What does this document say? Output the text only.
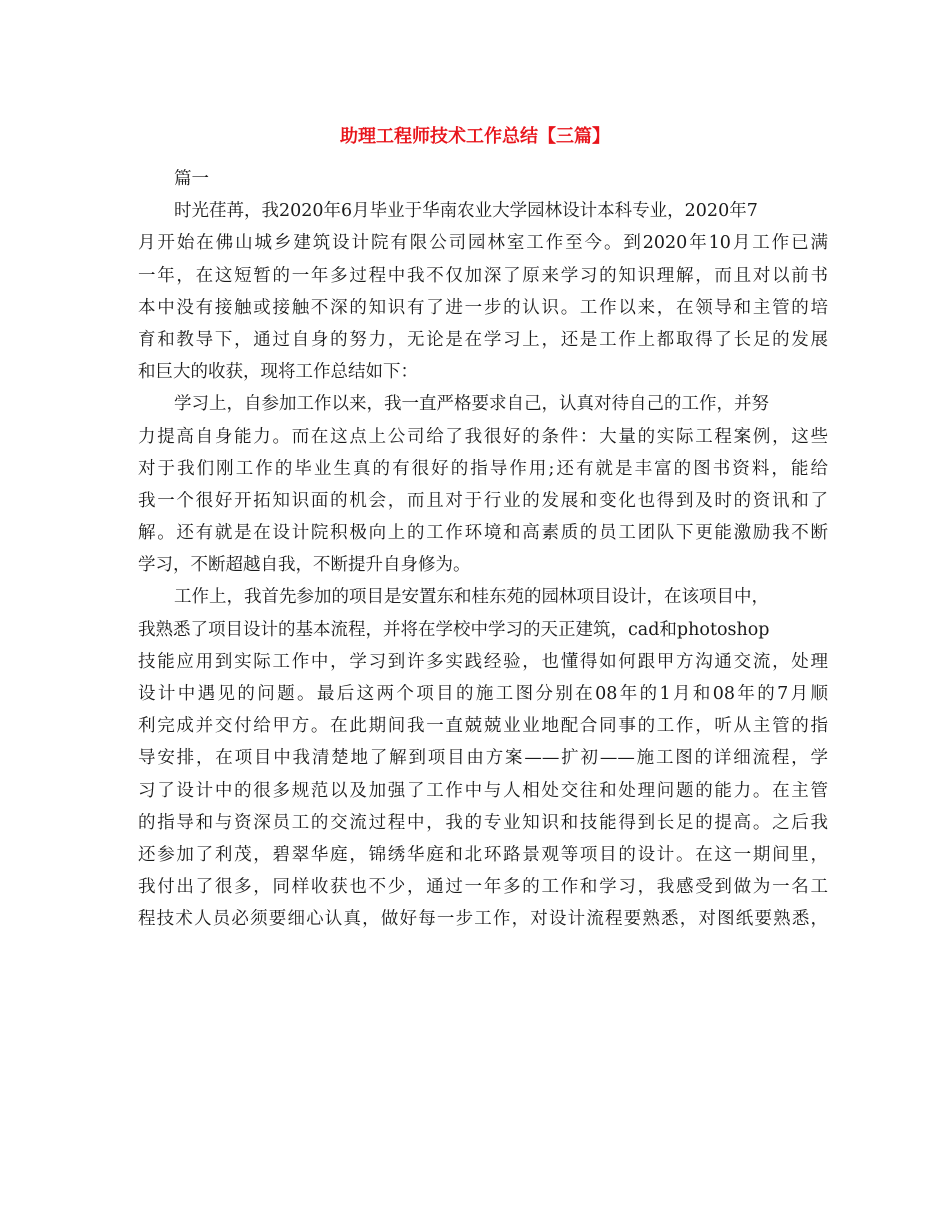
助理工程师技术工作总结【三篇】
篇一
时光荏苒，我2020年6月毕业于华南农业大学园林设计本科专业，2020年7
月开始在佛山城乡建筑设计院有限公司园林室工作至今。到2020年10月工作已满
一年，在这短暂的一年多过程中我不仅加深了原来学习的知识理解，而且对以前书
本中没有接触或接触不深的知识有了进一步的认识。工作以来，在领导和主管的培
育和教导下，通过自身的努力，无论是在学习上，还是工作上都取得了长足的发展
和巨大的收获，现将工作总结如下：
学习上，自参加工作以来，我一直严格要求自己，认真对待自己的工作，并努
力提高自身能力。而在这点上公司给了我很好的条件：大量的实际工程案例，这些
对于我们刚工作的毕业生真的有很好的指导作用;还有就是丰富的图书资料，能给
我一个很好开拓知识面的机会，而且对于行业的发展和变化也得到及时的资讯和了
解。还有就是在设计院积极向上的工作环境和高素质的员工团队下更能激励我不断
学习，不断超越自我，不断提升自身修为。
工作上，我首先参加的项目是安置东和桂东苑的园林项目设计，在该项目中，
我熟悉了项目设计的基本流程，并将在学校中学习的天正建筑，cad和photoshop
技能应用到实际工作中，学习到许多实践经验，也懂得如何跟甲方沟通交流，处理
设计中遇见的问题。最后这两个项目的施工图分别在08年的1月和08年的7月顺
利完成并交付给甲方。在此期间我一直兢兢业业地配合同事的工作，听从主管的指
导安排，在项目中我清楚地了解到项目由方案——扩初——施工图的详细流程，学
习了设计中的很多规范以及加强了工作中与人相处交往和处理问题的能力。在主管
的指导和与资深员工的交流过程中，我的专业知识和技能得到长足的提高。之后我
还参加了利茂，碧翠华庭，锦绣华庭和北环路景观等项目的设计。在这一期间里，
我付出了很多，同样收获也不少，通过一年多的工作和学习，我感受到做为一名工
程技术人员必须要细心认真，做好每一步工作，对设计流程要熟悉，对图纸要熟悉，
